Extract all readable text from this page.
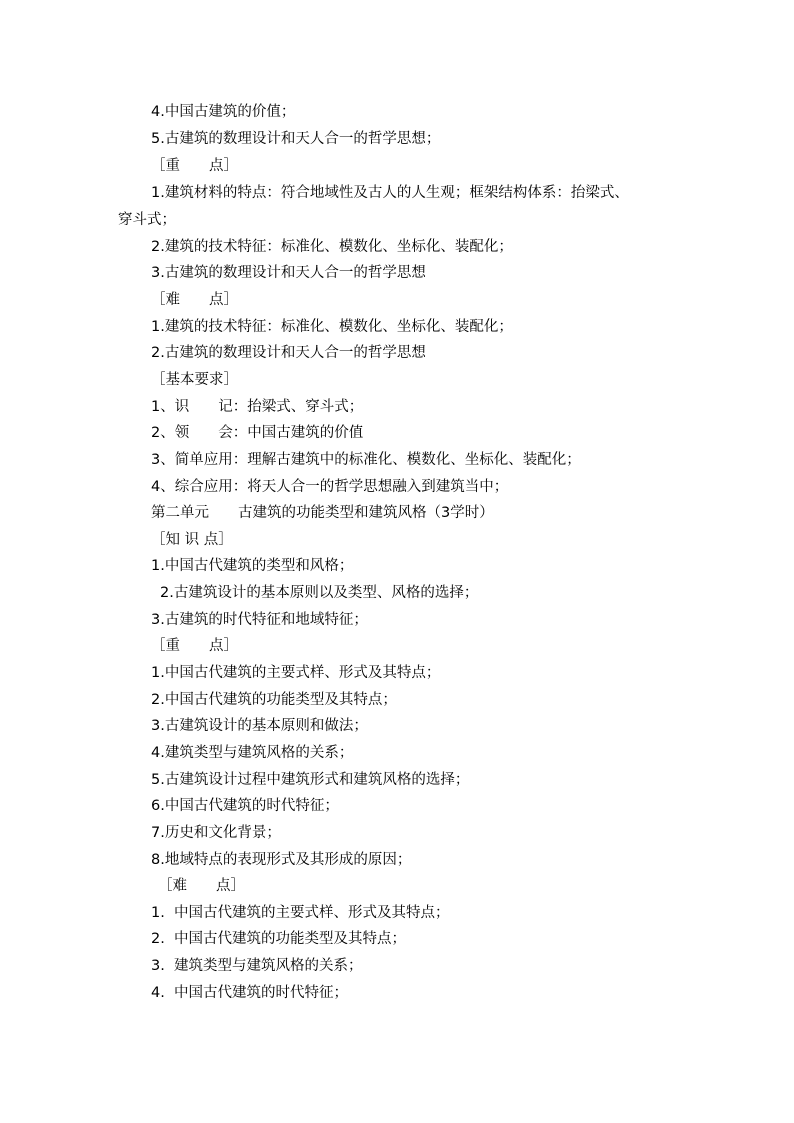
4.中国古建筑的价值；
5.古建筑的数理设计和天人合一的哲学思想；
［重　　点］
1.建筑材料的特点：符合地域性及古人的人生观；框架结构体系：抬梁式、
穿斗式；
2.建筑的技术特征：标准化、模数化、坐标化、装配化；
3.古建筑的数理设计和天人合一的哲学思想
［难　　点］
1.建筑的技术特征：标准化、模数化、坐标化、装配化；
2.古建筑的数理设计和天人合一的哲学思想
［基本要求］
1、识　　记：抬梁式、穿斗式；
2、领　　会：中国古建筑的价值
3、简单应用：理解古建筑中的标准化、模数化、坐标化、装配化；
4、综合应用：将天人合一的哲学思想融入到建筑当中；
第二单元　　古建筑的功能类型和建筑风格（3学时）
［知 识 点］
1.中国古代建筑的类型和风格；
2.古建筑设计的基本原则以及类型、风格的选择；
3.古建筑的时代特征和地域特征；
［重　　点］
1.中国古代建筑的主要式样、形式及其特点；
2.中国古代建筑的功能类型及其特点；
3.古建筑设计的基本原则和做法；
4.建筑类型与建筑风格的关系；
5.古建筑设计过程中建筑形式和建筑风格的选择；
6.中国古代建筑的时代特征；
7.历史和文化背景；
8.地域特点的表现形式及其形成的原因；
［难　　点］
1.  中国古代建筑的主要式样、形式及其特点；
2.  中国古代建筑的功能类型及其特点；
3.  建筑类型与建筑风格的关系；
4.  中国古代建筑的时代特征；
